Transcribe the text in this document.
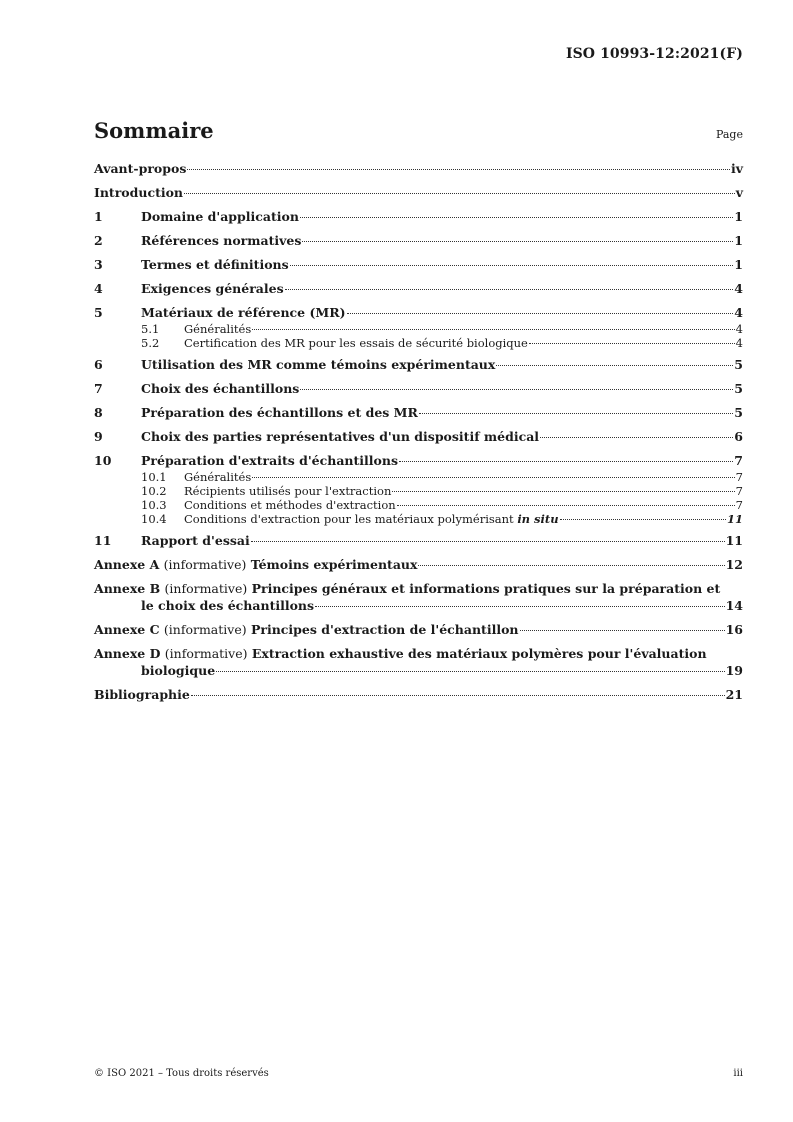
ISO 10993-12:2021(F)
Sommaire	Page
Avant-propos	iv
Introduction	v
1	Domaine d'application	1
2	Références normatives	1
3	Termes et définitions	1
4	Exigences générales	4
5	Matériaux de référence (MR)	4
5.1	Généralités	4
5.2	Certification des MR pour les essais de sécurité biologique	4
6	Utilisation des MR comme témoins expérimentaux	5
7	Choix des échantillons	5
8	Préparation des échantillons et des MR	5
9	Choix des parties représentatives d'un dispositif médical	6
10	Préparation d'extraits d'échantillons	7
10.1	Généralités	7
10.2	Récipients utilisés pour l'extraction	7
10.3	Conditions et méthodes d'extraction	7
10.4	Conditions d'extraction pour les matériaux polymérisant in situ	11
11	Rapport d'essai	11
Annexe A (informative) Témoins expérimentaux	12
Annexe B (informative) Principes généraux et informations pratiques sur la préparation et
le choix des échantillons	14
Annexe C (informative) Principes d'extraction de l'échantillon	16
Annexe D (informative) Extraction exhaustive des matériaux polymères pour l'évaluation
biologique	19
Bibliographie	21
© ISO 2021 – Tous droits réservés	iii
